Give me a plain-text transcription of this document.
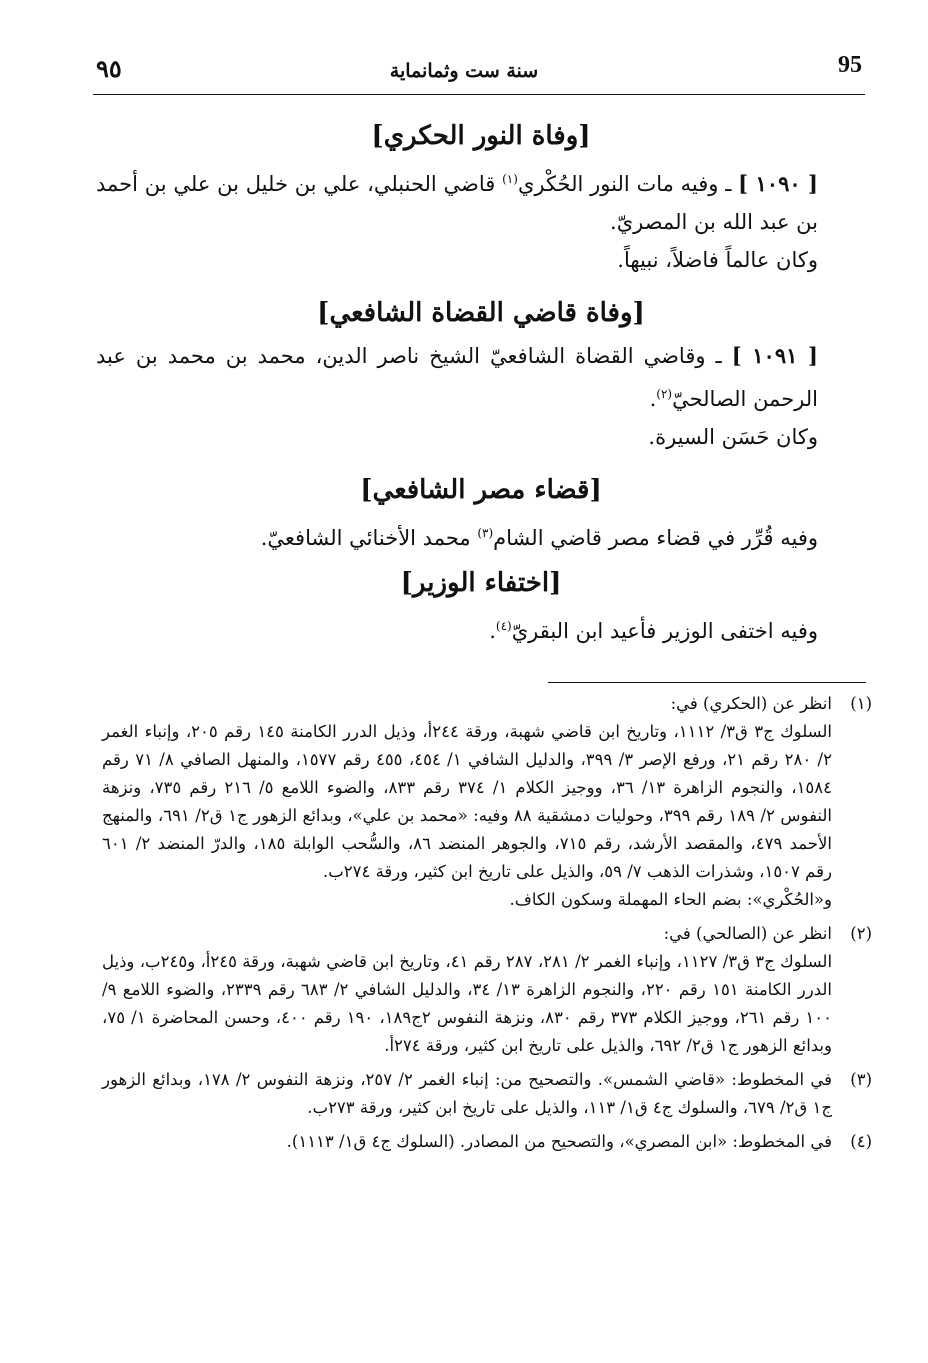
95
سنة ست وثمانماية
٩٥
[وفاة النور الحكري]

[ ١٠٩٠ ] ـ وفيه مات النور الحُكْري$^{(١)}$ قاضي الحنبلي، علي بن خليل بن علي بن أحمد بن عبد الله بن المصريّ.

وكان عالماً فاضلاً، نبيهاً.

[وفاة قاضي القضاة الشافعي]

[ ١٠٩١ ] ـ وقاضي القضاة الشافعيّ الشيخ ناصر الدين، محمد بن محمد بن عبد الرحمن الصالحيّ$^{(٢)}$.

وكان حَسَن السيرة.

[قضاء مصر الشافعي]

وفيه قُرِّر في قضاء مصر قاضي الشام$^{(٣)}$ محمد الأخنائي الشافعيّ.

[اختفاء الوزير]

وفيه اختفى الوزير فأعيد ابن البقريّ$^{(٤)}$.

(١)

انظر عن (الحكري) في:

السلوك ج٣ ق٣/ ١١١٢، وتاريخ ابن قاضي شهبة، ورقة ٢٤٤أ، وذيل الدرر الكامنة ١٤٥ رقم ٢٠٥، وإنباء الغمر ٢/ ٢٨٠ رقم ٢١، ورفع الإصر ٣/ ٣٩٩، والدليل الشافي ١/ ٤٥٤، ٤٥٥ رقم ١٥٧٧، والمنهل الصافي ٨/ ٧١ رقم ١٥٨٤، والنجوم الزاهرة ١٣/ ٣٦، ووجيز الكلام ١/ ٣٧٤ رقم ٨٣٣، والضوء اللامع ٥/ ٢١٦ رقم ٧٣٥، ونزهة النفوس ٢/ ١٨٩ رقم ٣٩٩، وحوليات دمشقية ٨٨ وفيه: «محمد بن علي»، وبدائع الزهور ج١ ق٢/ ٦٩١، والمنهج الأحمد ٤٧٩، والمقصد الأرشد، رقم ٧١٥، والجوهر المنضد ٨٦، والسُّحب الوابلة ١٨٥، والدرّ المنضد ٢/ ٦٠١ رقم ١٥٠٧، وشذرات الذهب ٧/ ٥٩، والذيل على تاريخ ابن كثير، ورقة ٢٧٤ب.

و«الحُكْري»: بضم الحاء المهملة وسكون الكاف.

(٢)

انظر عن (الصالحي) في:

السلوك ج٣ ق٣/ ١١٢٧، وإنباء الغمر ٢/ ٢٨١، ٢٨٧ رقم ٤١، وتاريخ ابن قاضي شهبة، ورقة ٢٤٥أ، و٢٤٥ب، وذيل الدرر الكامنة ١٥١ رقم ٢٢٠، والنجوم الزاهرة ١٣/ ٣٤، والدليل الشافي ٢/ ٦٨٣ رقم ٢٣٣٩، والضوء اللامع ٩/ ١٠٠ رقم ٢٦١، ووجيز الكلام ٣٧٣ رقم ٨٣٠، ونزهة النفوس ٢ج١٨٩، ١٩٠ رقم ٤٠٠، وحسن المحاضرة ١/ ٧٥، وبدائع الزهور ج١ ق٢/ ٦٩٢، والذيل على تاريخ ابن كثير، ورقة ٢٧٤أ.

(٣)

في المخطوط: «قاضي الشمس». والتصحيح من: إنباء الغمر ٢/ ٢٥٧، ونزهة النفوس ٢/ ١٧٨، وبدائع الزهور ج١ ق٢/ ٦٧٩، والسلوك ج٤ ق١/ ١١٣، والذيل على تاريخ ابن كثير، ورقة ٢٧٣ب.

(٤)

في المخطوط: «ابن المصري»، والتصحيح من المصادر. (السلوك ج٤ ق١/ ١١١٣).
